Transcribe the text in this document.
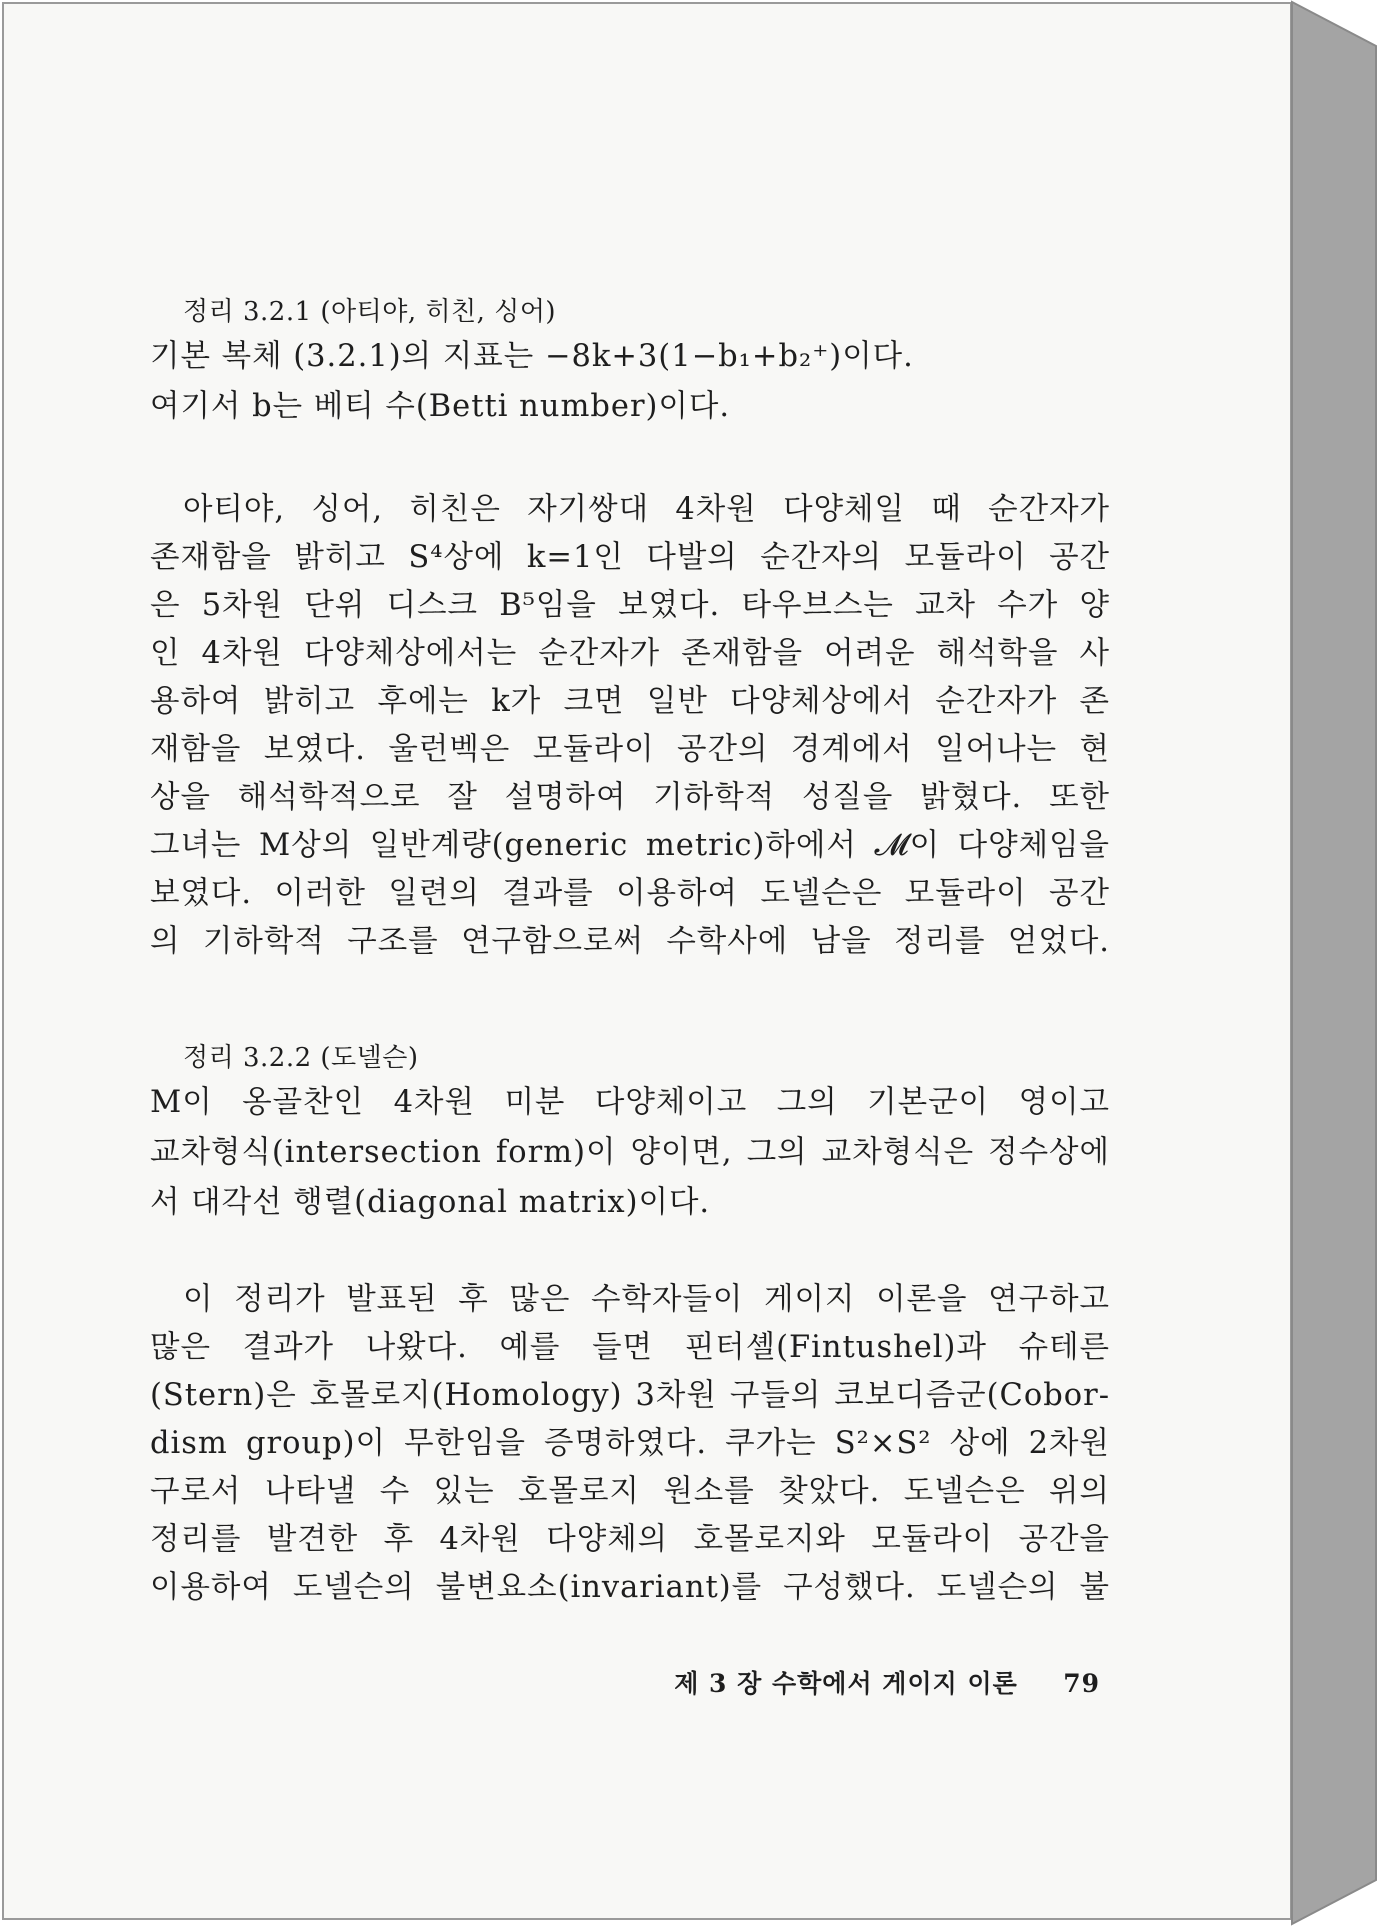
정리 3.2.1 (아티야, 히친, 싱어)
기본 복체 (3.2.1)의 지표는 −8k+3(1−b₁+b₂⁺)이다.
여기서 b는 베티 수(Betti number)이다.
아티야, 싱어, 히친은 자기쌍대 4차원 다양체일 때 순간자가
존재함을 밝히고 S⁴상에 k=1인 다발의 순간자의 모듈라이 공간
은 5차원 단위 디스크 B⁵임을 보였다. 타우브스는 교차 수가 양
인 4차원 다양체상에서는 순간자가 존재함을 어려운 해석학을 사
용하여 밝히고 후에는 k가 크면 일반 다양체상에서 순간자가 존
재함을 보였다. 울런벡은 모듈라이 공간의 경계에서 일어나는 현
상을 해석학적으로 잘 설명하여 기하학적 성질을 밝혔다. 또한
그녀는 M상의 일반계량(generic metric)하에서 𝓜이 다양체임을
보였다. 이러한 일련의 결과를 이용하여 도넬슨은 모듈라이 공간
의 기하학적 구조를 연구함으로써 수학사에 남을 정리를 얻었다.
정리 3.2.2 (도넬슨)
M이 옹골찬인 4차원 미분 다양체이고 그의 기본군이 영이고
교차형식(intersection form)이 양이면, 그의 교차형식은 정수상에
서 대각선 행렬(diagonal matrix)이다.
이 정리가 발표된 후 많은 수학자들이 게이지 이론을 연구하고
많은 결과가 나왔다. 예를 들면 핀터셸(Fintushel)과 슈테른
(Stern)은 호몰로지(Homology) 3차원 구들의 코보디즘군(Cobor-
dism group)이 무한임을 증명하였다. 쿠가는 S²×S² 상에 2차원
구로서 나타낼 수 있는 호몰로지 원소를 찾았다. 도넬슨은 위의
정리를 발견한 후 4차원 다양체의 호몰로지와 모듈라이 공간을
이용하여 도넬슨의 불변요소(invariant)를 구성했다. 도넬슨의 불
제 3 장 수학에서 게이지 이론 79
